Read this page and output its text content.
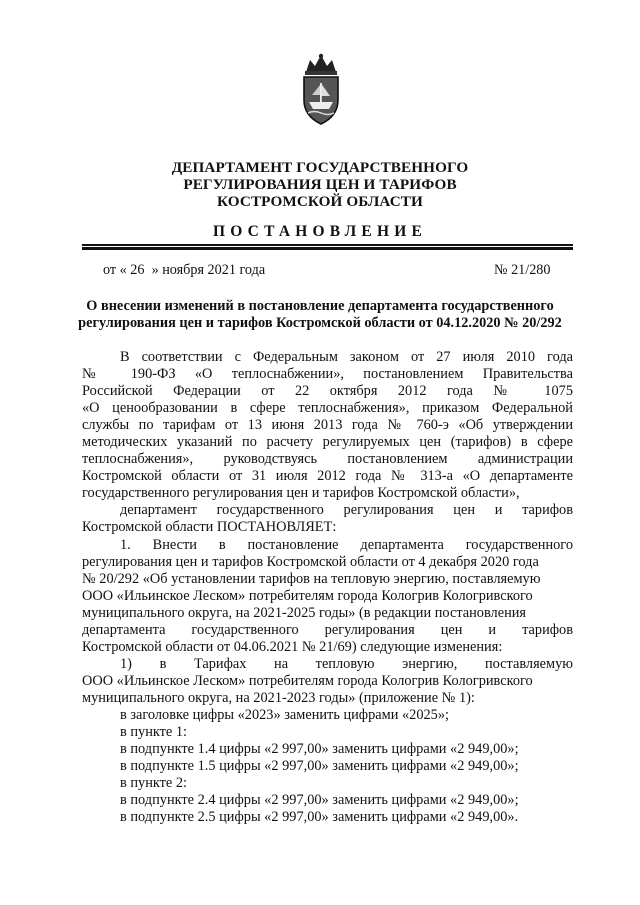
ДЕПАРТАМЕНТ ГОСУДАРСТВЕННОГО
РЕГУЛИРОВАНИЯ ЦЕН И ТАРИФОВ
КОСТРОМСКОЙ ОБЛАСТИ
ПОСТАНОВЛЕНИЕ
от « 26  » ноября 2021 года	№ 21/280
О внесении изменений в постановление департамента государственного
регулирования цен и тарифов Костромской области от 04.12.2020 № 20/292
В соответствии с Федеральным законом от 27 июля 2010 года
№ 190-ФЗ «О теплоснабжении», постановлением Правительства
Российской Федерации от 22 октября 2012 года № 1075
«О ценообразовании в сфере теплоснабжения», приказом Федеральной
службы по тарифам от 13 июня 2013 года № 760-э «Об утверждении
методических указаний по расчету регулируемых цен (тарифов) в сфере
теплоснабжения», руководствуясь постановлением администрации
Костромской области от 31 июля 2012 года № 313-а «О департаменте
государственного регулирования цен и тарифов Костромской области»,
департамент государственного регулирования цен и тарифов
Костромской области ПОСТАНОВЛЯЕТ:
1. Внести в постановление департамента государственного
регулирования цен и тарифов Костромской области от 4 декабря 2020 года
№ 20/292 «Об установлении тарифов на тепловую энергию, поставляемую
ООО «Ильинское Леском» потребителям города Кологрив Кологривского
муниципального округа, на 2021-2025 годы» (в редакции постановления
департамента государственного регулирования цен и тарифов
Костромской области от 04.06.2021 № 21/69) следующие изменения:
1) в Тарифах на тепловую энергию, поставляемую
ООО «Ильинское Леском» потребителям города Кологрив Кологривского
муниципального округа, на 2021-2023 годы» (приложение № 1):
в заголовке цифры «2023» заменить цифрами «2025»;
в пункте 1:
в подпункте 1.4 цифры «2 997,00» заменить цифрами «2 949,00»;
в подпункте 1.5 цифры «2 997,00» заменить цифрами «2 949,00»;
в пункте 2:
в подпункте 2.4 цифры «2 997,00» заменить цифрами «2 949,00»;
в подпункте 2.5 цифры «2 997,00» заменить цифрами «2 949,00».
